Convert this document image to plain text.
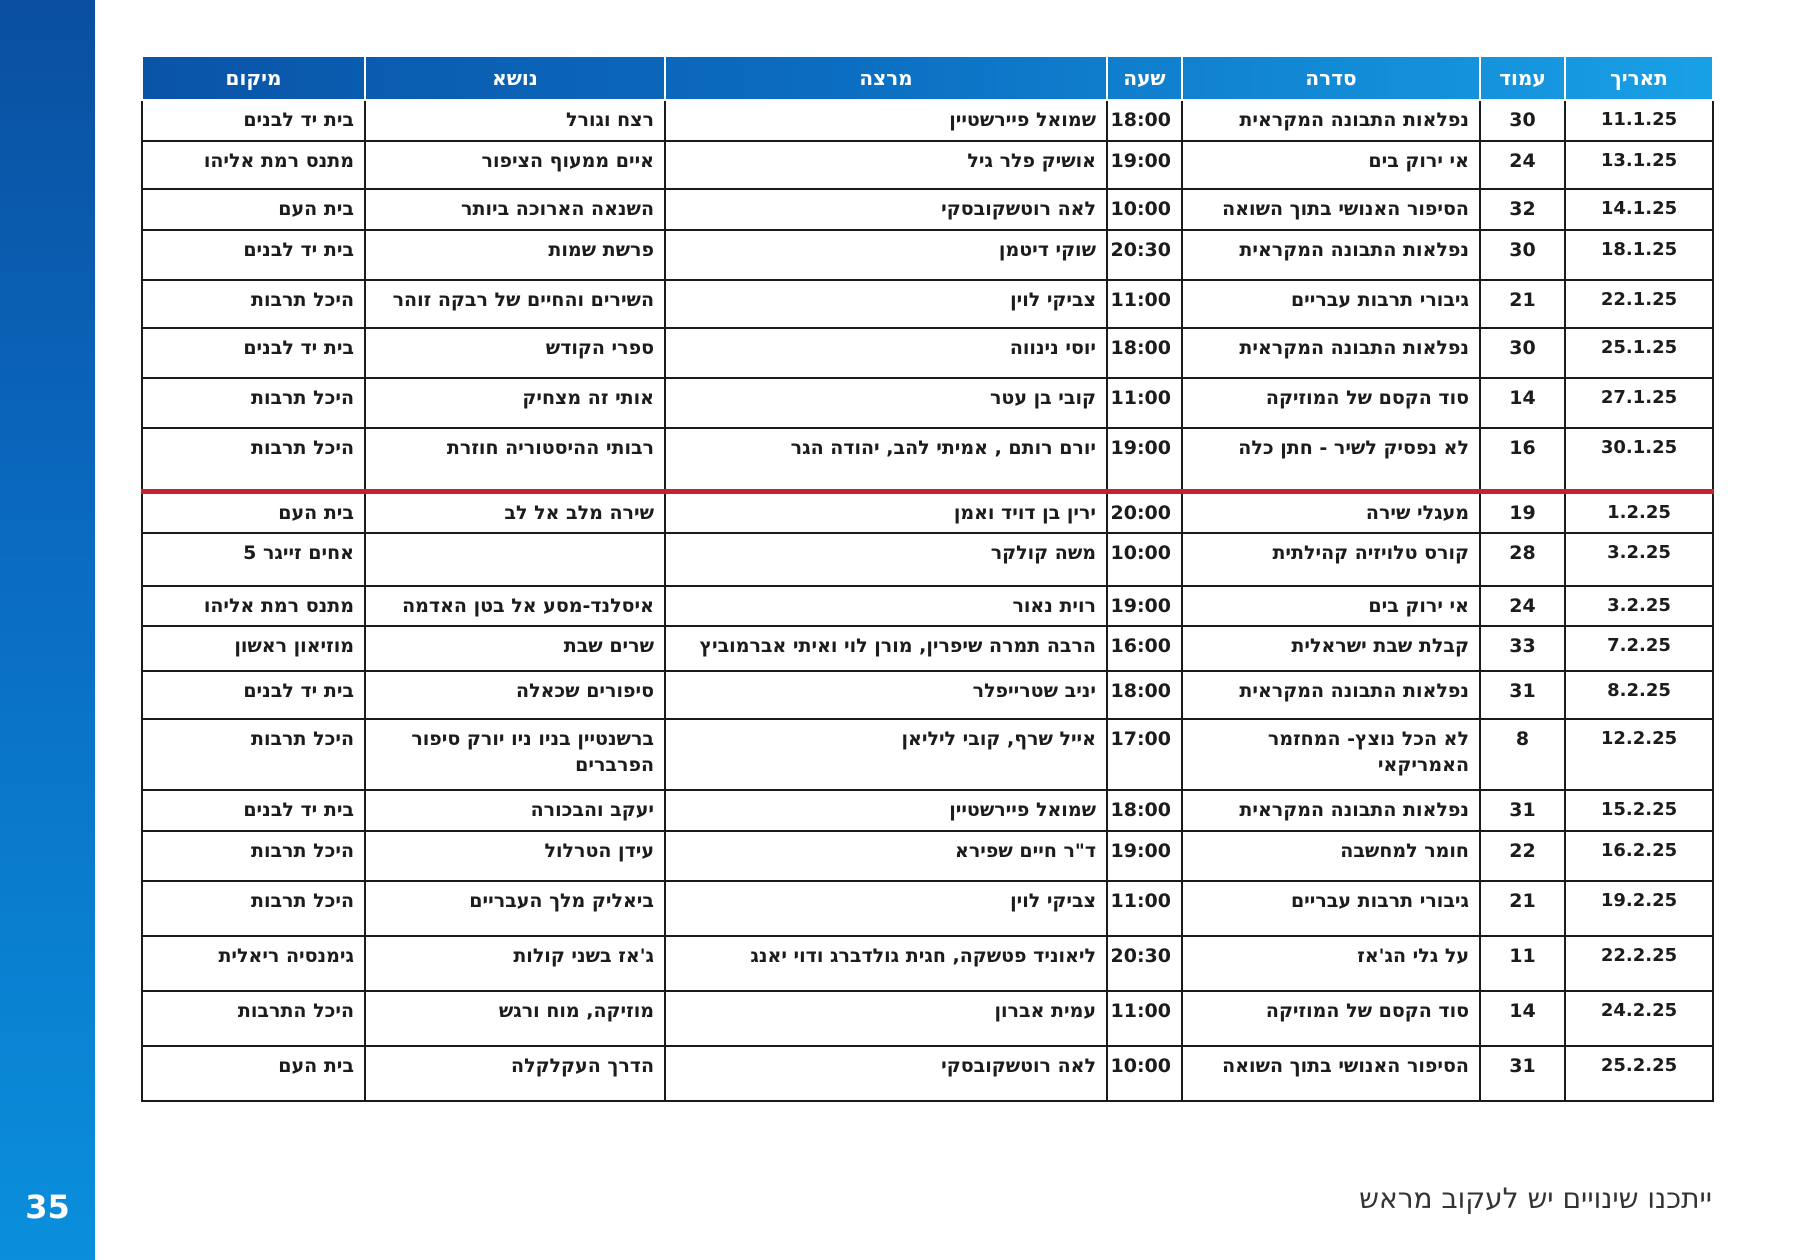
35
תאריך	עמוד	סדרה	שעה	מרצה	נושא	מיקום
11.1.25	30	נפלאות התבונה המקראית	18:00	שמואל פיירשטיין	רצח וגורל	בית יד לבנים
13.1.25	24	אי ירוק בים	19:00	אושיק פלר גיל	איים ממעוף הציפור	מתנס רמת אליהו
14.1.25	32	הסיפור האנושי בתוך השואה	10:00	לאה רוטשקובסקי	השנאה הארוכה ביותר	בית העם
18.1.25	30	נפלאות התבונה המקראית	20:30	שוקי דיטמן	פרשת שמות	בית יד לבנים
22.1.25	21	גיבורי תרבות עבריים	11:00	צביקי לוין	השירים והחיים של רבקה זוהר	היכל תרבות
25.1.25	30	נפלאות התבונה המקראית	18:00	יוסי נינווה	ספרי הקודש	בית יד לבנים
27.1.25	14	סוד הקסם של המוזיקה	11:00	קובי בן עטר	אותי זה מצחיק	היכל תרבות
30.1.25	16	לא נפסיק לשיר - חתן כלה	19:00	יורם רותם , אמיתי להב, יהודה הגר	רבותי ההיסטוריה חוזרת	היכל תרבות
1.2.25	19	מעגלי שירה	20:00	ירין בן דויד ואמן	שירה מלב אל לב	בית העם
3.2.25	28	קורס טלויזיה קהילתית	10:00	משה קולקר		אחים זייגר 5
3.2.25	24	אי ירוק בים	19:00	רוית נאור	איסלנד-מסע אל בטן האדמה	מתנס רמת אליהו
7.2.25	33	קבלת שבת ישראלית	16:00	הרבה תמרה שיפרין, מורן לוי ואיתי אברמוביץ	שרים שבת	מוזיאון ראשון
8.2.25	31	נפלאות התבונה המקראית	18:00	יניב שטרייפלר	סיפורים שכאלה	בית יד לבנים
12.2.25	8	לא הכל נוצץ- המחזמר האמריקאי	17:00	אייל שרף, קובי ליליאן	ברשנטיין בניו ניו יורק סיפור הפרברים	היכל תרבות
15.2.25	31	נפלאות התבונה המקראית	18:00	שמואל פיירשטיין	יעקב והבכורה	בית יד לבנים
16.2.25	22	חומר למחשבה	19:00	ד"ר חיים שפירא	עידן הטרלול	היכל תרבות
19.2.25	21	גיבורי תרבות עבריים	11:00	צביקי לוין	ביאליק מלך העבריים	היכל תרבות
22.2.25	11	על גלי הג'אז	20:30	ליאוניד פטשקה, חגית גולדברג ודוי יאנג	ג'אז בשני קולות	גימנסיה ריאלית
24.2.25	14	סוד הקסם של המוזיקה	11:00	עמית אברון	מוזיקה, מוח ורגש	היכל התרבות
25.2.25	31	הסיפור האנושי בתוך השואה	10:00	לאה רוטשקובסקי	הדרך העקלקלה	בית העם
ייתכנו שינויים יש לעקוב מראש
